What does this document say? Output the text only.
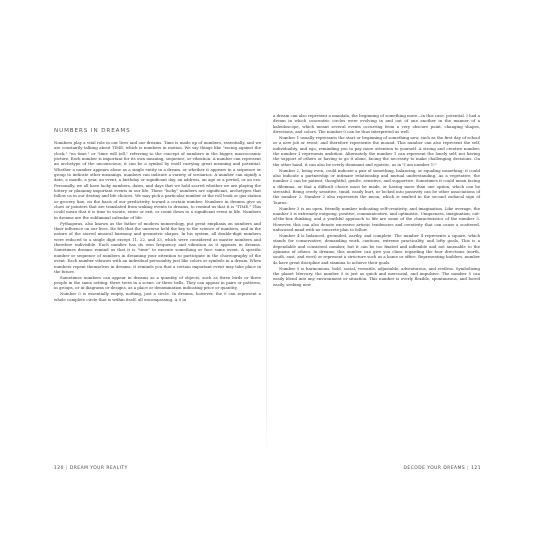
NUMBERS IN DREAMS

Numbers play a vital role in our lives and our dreams. Time is made up of numbers, essentially, and we are constantly talking about TIME, which is numbers in motion. We say things like "racing against the clock," "no time," or "time will tell," referring to the concept of numbers in the bigger, macrocosmic picture. Each number is important for its own meaning, sequence, or vibration. A number can represent an archetype of the unconscious; it can be a symbol by itself carrying great meaning and potential. Whether a number appears alone as a single entity in a dream, or whether it appears in a sequence or group to indicate other meanings, numbers can indicate a variety of scenarios. A number can signify a date, a month, a year, an event, a birthday or significant day, an address, an age or a period, or an era. Personally, we all have lucky numbers, dates, and days that we hold sacred whether we are playing the lottery or planning important events in our life. These "lucky" numbers are significant, archetypes that follow us in our destiny and life choices. We may pick a particular number at the roll book or gas station or grocery line, on the basis of our predictivity toward a certain number. Numbers in dreams give us clues or pointers that are translated from waking events to dreams, to remind us that it is "TIME." This could mean that it is time to vacate, enter or exit, or count down to a significant event in life. Numbers in dreams are the subliminal calendar of life.

Pythagoras, also known as the father of modern numerology, put great emphasis on numbers and their influence on our lives. He felt that the universe held the key to the science of numbers, and in the nature of the sacred musical harmony and geometric shapes. In his system, all double-digit numbers were reduced to a single digit except 11, 22, and 33, which were considered as master numbers and therefore indivisible. Each number has its own frequency and vibration as it appears in dreams. Sometimes dreams remind us that it is "time" to execute something or face some event. A specific number or sequence of numbers in dreaming your attention to participate in the choreography of the event. Each number vibrates with an individual personality just like colors or symbols in a dream. When numbers repeat themselves in dreams, it reminds you that a certain important event may take place in the future.

Sometimes numbers can appear in dreams as a quantity of objects, such as three birds or three people in the same setting, three trees in a scene, or three bells. They can appear in pairs or patterns, in groups, or in diagrams or designs, as a place or denomination indicating price or quantity.

Number 0 is essentially empty, nothing, just a circle. In dreams, however, the 0 can represent a whole complete circle that is within itself, all encompassing. A 0 in

a dream can also represent a mandala, the beginning of something more—in this case, potential. I had a dream in which concentric circles were evolving in and out of one another in the manner of a kaleidoscope, which meant several events occurring from a very obscure point, changing shapes, directions, and colors. The number 0 can be thus interpreted as well.

Number 1 usually represents the start or beginning of something new, such as the first day of school or a new job or event, and therefore represents the mound. This number can also represent the self, individuality, and ego, reminding you to pay more attention to yourself. A strong and creative number, the number 1 represents ambition. Alternately the number 1 can represent the lonely self, not having the support of others or having to go it alone, facing the necessity to make challenging decisions. On the other hand, it can also be overly dominant and egoistic, as in "I am number 1!"

Number 2, being even, could indicate a pair of something, balancing, or equaling something; it could also indicate a partnership or intimate relationship and mutual understanding. As a vegetative, the number 2 can be patient, thoughtful, gentle, sensitive, and supportive. Sometimes it could mean facing a dilemma, or that a difficult choice must be made, or having more than one option, which can be stressful. Being overly sensitive, timid, easily hurt, or locked into passivity can be other associations of the number 2. Number 2 also represents the moon, which is exalted in the second zodiacal sign of Taurus.

Number 3 is an open, friendly number indicating self-creativity, and imagination. Like average, the number 3 is extremely outgoing, positive, communicative, and optimistic. Uniqueness, imagination, out-of-the-box thinking, and a youthful approach to life are some of the characteristics of the number 3. However, this can also denote excessive artistic tendencies and creativity that can cause a scattered, unfocused mind with no concrete plan to follow.

Number 4 is balanced, grounded, earthy, and complete. The number 4 represents a square, which stands for conservative, demanding work, cautious, extreme practicality, and lofty goals. This is a dependable and consistent number, but it can be too fixated and inflexible and not amenable to the opinions of others. In dreams, this number can give you clues regarding the four directions (north, south, east, and west) or represent a structure such as a home or office. Representing builders, number 4s have great discipline and stamina to achieve their goals.

Number 5 is harmonious, bold, social, versatile, adjustable, adventurous, and restless. Symbolizing the planet Mercury, the number 5 is just as quick and mercurial, and impulsive. The number 5 can easily blend into any environment or situation. This number is overly flexible, spontaneous, and bored easily, seeking new

120 | DREAM YOUR REALITY	DECODE YOUR DREAMS | 121
